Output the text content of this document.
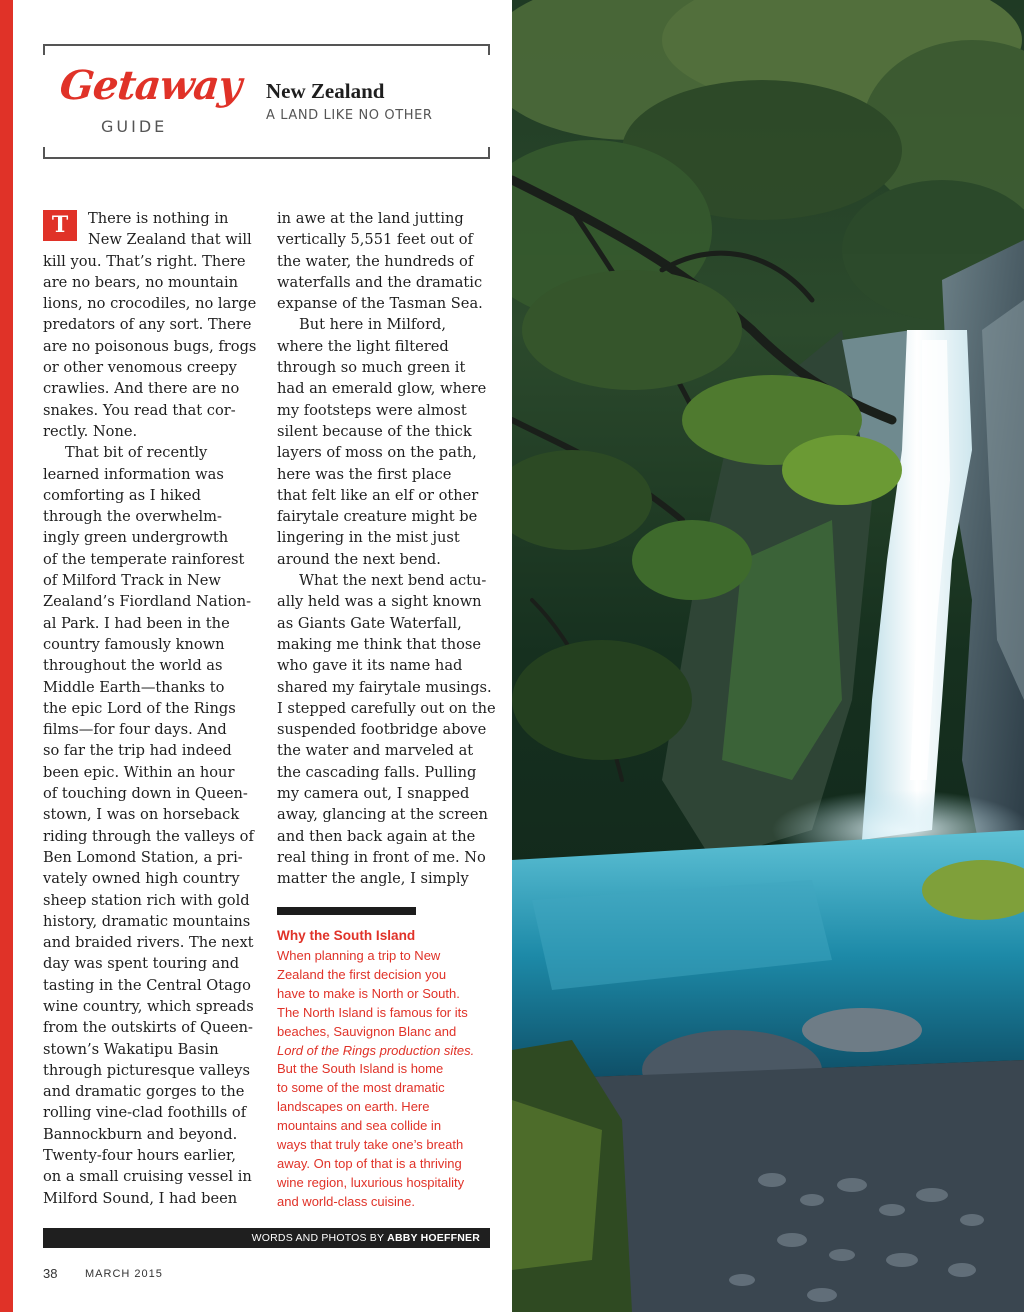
Getaway
GUIDE
New Zealand
A LAND LIKE NO OTHER
T	There is nothing in
New Zealand that will
kill you. That’s right. There
are no bears, no mountain
lions, no crocodiles, no large
predators of any sort. There
are no poisonous bugs, frogs
or other venomous creepy
crawlies. And there are no
snakes. You read that cor-
rectly. None.
That bit of recently
learned information was
comforting as I hiked
through the overwhelm-
ingly green undergrowth
of the temperate rainforest
of Milford Track in New
Zealand’s Fiordland Nation-
al Park. I had been in the
country famously known
throughout the world as
Middle Earth—thanks to
the epic Lord of the Rings
films—for four days. And
so far the trip had indeed
been epic. Within an hour
of touching down in Queen-
stown, I was on horseback
riding through the valleys of
Ben Lomond Station, a pri-
vately owned high country
sheep station rich with gold
history, dramatic mountains
and braided rivers. The next
day was spent touring and
tasting in the Central Otago
wine country, which spreads
from the outskirts of Queen-
stown’s Wakatipu Basin
through picturesque valleys
and dramatic gorges to the
rolling vine-clad foothills of
Bannockburn and beyond.
Twenty-four hours earlier,
on a small cruising vessel in
Milford Sound, I had been
in awe at the land jutting
vertically 5,551 feet out of
the water, the hundreds of
waterfalls and the dramatic
expanse of the Tasman Sea.
But here in Milford,
where the light filtered
through so much green it
had an emerald glow, where
my footsteps were almost
silent because of the thick
layers of moss on the path,
here was the first place
that felt like an elf or other
fairytale creature might be
lingering in the mist just
around the next bend.
What the next bend actu-
ally held was a sight known
as Giants Gate Waterfall,
making me think that those
who gave it its name had
shared my fairytale musings.
I stepped carefully out on the
suspended footbridge above
the water and marveled at
the cascading falls. Pulling
my camera out, I snapped
away, glancing at the screen
and then back again at the
real thing in front of me. No
matter the angle, I simply
Why the South Island
When planning a trip to New
Zealand the first decision you
have to make is North or South.
The North Island is famous for its
beaches, Sauvignon Blanc and
Lord of the Rings production sites.
But the South Island is home
to some of the most dramatic
landscapes on earth. Here
mountains and sea collide in
ways that truly take one’s breath
away. On top of that is a thriving
wine region, luxurious hospitality
and world-class cuisine.
WORDS AND PHOTOS BY ABBY HOEFFNER
38	MARCH 2015
